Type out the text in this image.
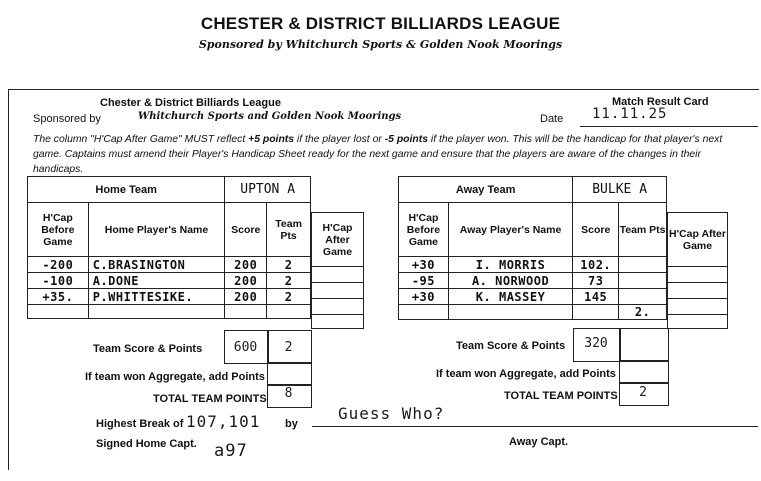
CHESTER & DISTRICT BILLIARDS LEAGUE
Sponsored by Whitchurch Sports & Golden Nook Moorings
Chester & District Billiards League	Match Result Card
Sponsored by	Whitchurch Sports and Golden Nook Moorings	Date 11.11.25
The column "H'Cap After Game" MUST reflect +5 points if the player lost or -5 points if the player won. This will be the handicap for that player's next game. Captains must amend their Player's Handicap Sheet ready for the next game and ensure that the players are aware of the changes in their handicaps.
Home Team		UPTON A	
H'Cap Before Game	Home Player's Name	Score	Team Pts
-200	C.BRASINGTON	200	2
-100	A.DONE	200	2
+35.	P.WHITTESIKE.	200	2

H'Cap After Game

Team Score & Points	600	2
If team won Aggregate, add Points
TOTAL TEAM POINTS	8
Away Team		BULKE A	
H'Cap Before Game	Away Player's Name	Score	Team Pts
+30	I. MORRIS	102.	
-95	A. NORWOOD	73	
+30	K. MASSEY	145	
			2.
H'Cap After Game

Team Score & Points	320
If team won Aggregate, add Points
TOTAL TEAM POINTS	2
Highest Break of 107,101 by
Guess Who?
Signed Home Capt. a97	Away Capt.
